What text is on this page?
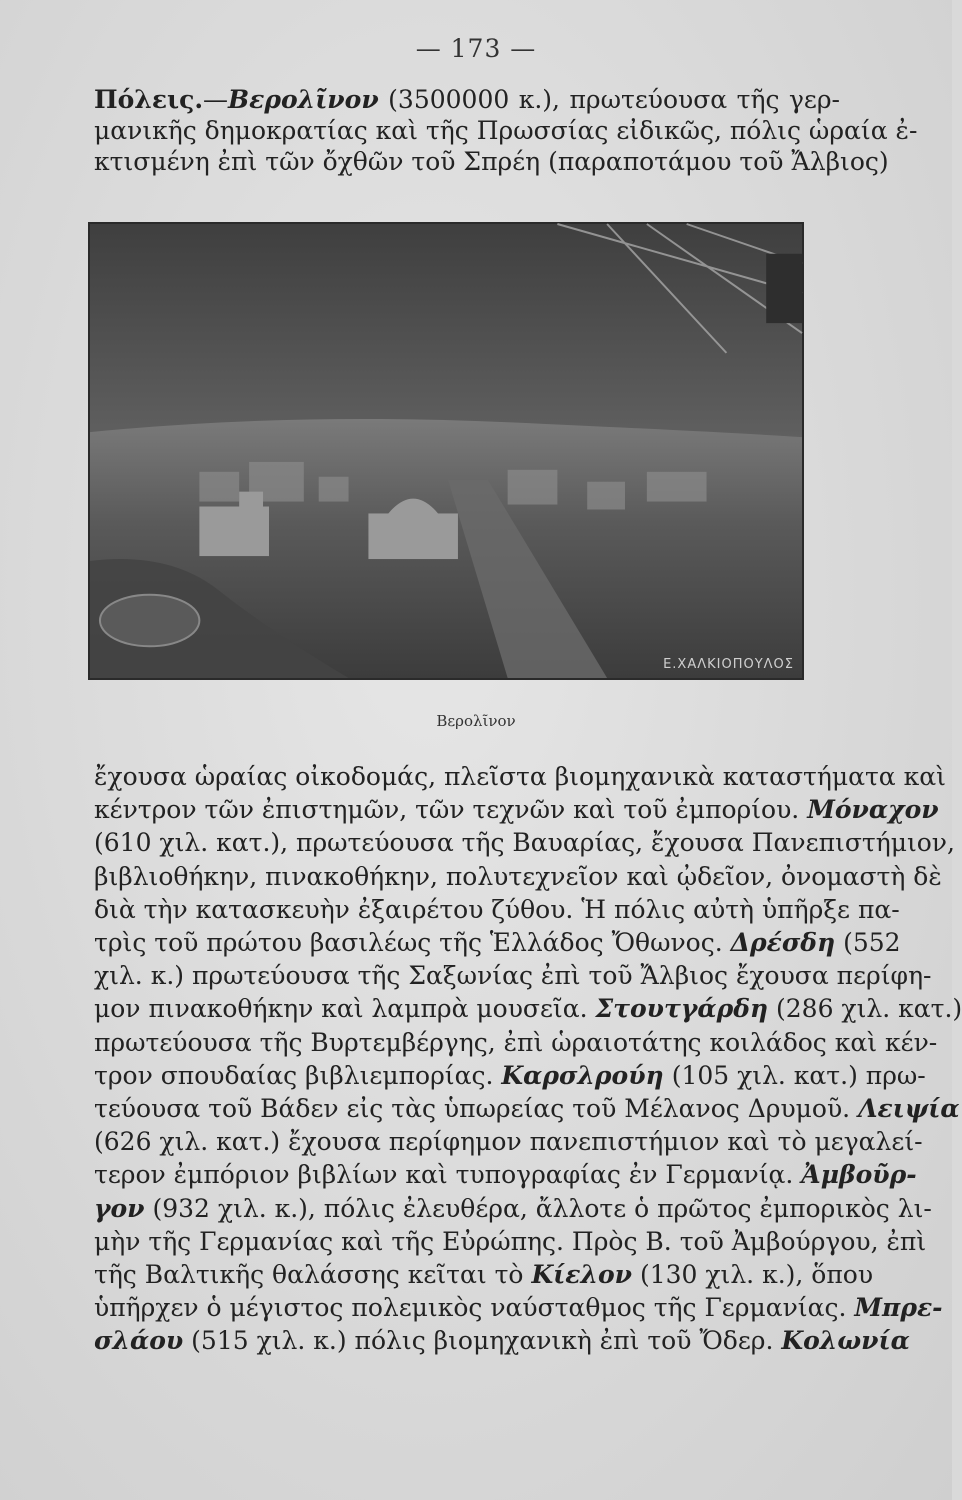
— 173 —
Πόλεις.—Βερολῖνον (3500000 κ.), πρωτεύουσα τῆς γερ-
μανικῆς δημοκρατίας καὶ τῆς Πρωσσίας εἰδικῶς, πόλις ὡραία ἐ-
κτισμένη ἐπὶ τῶν ὄχθῶν τοῦ Σπρέη (παραποτάμου τοῦ Ἄλβιος)
Ε.ΧΑΛΚΙΟΠΟΥΛΟΣ
Βερολῖνον
ἔχουσα ὡραίας οἰκοδομάς, πλεῖστα βιομηχανικὰ καταστήματα καὶ
κέντρον τῶν ἐπιστημῶν, τῶν τεχνῶν καὶ τοῦ ἐμπορίου. Μόναχον
(610 χιλ. κατ.), πρωτεύουσα τῆς Βαυαρίας, ἔχουσα Πανεπιστήμιον,
βιβλιοθήκην, πινακοθήκην, πολυτεχνεῖον καὶ ᾠδεῖον, ὀνομαστὴ δὲ
διὰ τὴν κατασκευὴν ἐξαιρέτου ζύθου. Ἡ πόλις αὐτὴ ὑπῆρξε πα-
τρὶς τοῦ πρώτου βασιλέως τῆς Ἑλλάδος Ὄθωνος. Δρέσδη (552
χιλ. κ.) πρωτεύουσα τῆς Σαξωνίας ἐπὶ τοῦ Ἄλβιος ἔχουσα περίφη-
μον πινακοθήκην καὶ λαμπρὰ μουσεῖα. Στουτγάρδη (286 χιλ. κατ.)
πρωτεύουσα τῆς Βυρτεμβέργης, ἐπὶ ὡραιοτάτης κοιλάδος καὶ κέν-
τρον σπουδαίας βιβλιεμπορίας. Καρσλρούη (105 χιλ. κατ.) πρω-
τεύουσα τοῦ Βάδεν εἰς τὰς ὑπωρείας τοῦ Μέλανος Δρυμοῦ. Λειψία
(626 χιλ. κατ.) ἔχουσα περίφημον πανεπιστήμιον καὶ τὸ μεγαλεί-
τερον ἐμπόριον βιβλίων καὶ τυπογραφίας ἐν Γερμανίᾳ. Ἀμβοῦρ-
γον (932 χιλ. κ.), πόλις ἐλευθέρα, ἄλλοτε ὁ πρῶτος ἐμπορικὸς λι-
μὴν τῆς Γερμανίας καὶ τῆς Εὐρώπης. Πρὸς Β. τοῦ Ἀμβούργου, ἐπὶ
τῆς Βαλτικῆς θαλάσσης κεῖται τὸ Κίελον (130 χιλ. κ.), ὅπου
ὑπῆρχεν ὁ μέγιστος πολεμικὸς ναύσταθμος τῆς Γερμανίας. Μπρε-
σλάου (515 χιλ. κ.) πόλις βιομηχανικὴ ἐπὶ τοῦ Ὄδερ. Κολωνία
